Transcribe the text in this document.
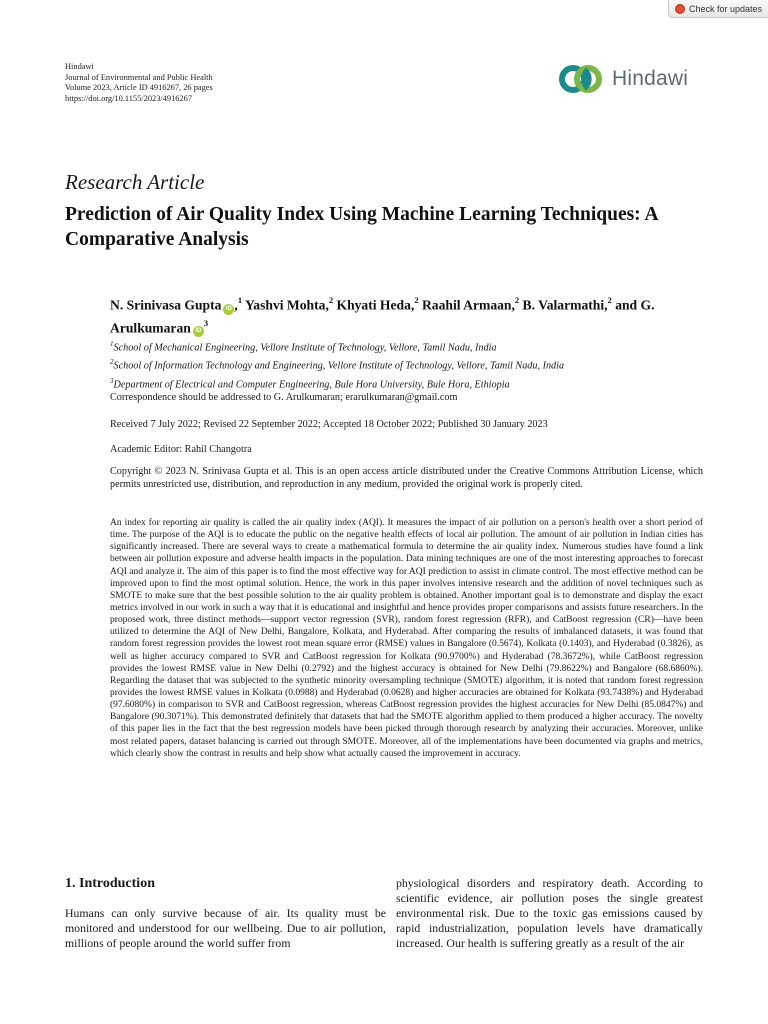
Check for updates
Hindawi
Journal of Environmental and Public Health
Volume 2023, Article ID 4916267, 26 pages
https://doi.org/10.1155/2023/4916267
Hindawi
Research Article
Prediction of Air Quality Index Using Machine Learning Techniques: A Comparative Analysis
N. Srinivasa Gupta iD ,$^1$ Yashvi Mohta,$^2$ Khyati Heda,$^2$ Raahil Armaan,$^2$ B. Valarmathi,$^2$ and G. Arulkumaran $iD^3$
$^1$School of Mechanical Engineering, Vellore Institute of Technology, Vellore, Tamil Nadu, India
$^2$School of Information Technology and Engineering, Vellore Institute of Technology, Vellore, Tamil Nadu, India
$^3$Department of Electrical and Computer Engineering, Bule Hora University, Bule Hora, Ethiopia
Correspondence should be addressed to G. Arulkumaran; erarulkumaran@gmail.com
Received 7 July 2022; Revised 22 September 2022; Accepted 18 October 2022; Published 30 January 2023
Academic Editor: Rahil Changotra
Copyright © 2023 N. Srinivasa Gupta et al. This is an open access article distributed under the Creative Commons Attribution License, which permits unrestricted use, distribution, and reproduction in any medium, provided the original work is properly cited.

An index for reporting air quality is called the air quality index (AQI). It measures the impact of air pollution on a person's health over a short period of time. The purpose of the AQI is to educate the public on the negative health effects of local air pollution. The amount of air pollution in Indian cities has significantly increased. There are several ways to create a mathematical formula to determine the air quality index. Numerous studies have found a link between air pollution exposure and adverse health impacts in the population. Data mining techniques are one of the most interesting approaches to forecast AQI and analyze it. The aim of this paper is to find the most effective way for AQI prediction to assist in climate control. The most effective method can be improved upon to find the most optimal solution. Hence, the work in this paper involves intensive research and the addition of novel techniques such as SMOTE to make sure that the best possible solution to the air quality problem is obtained. Another important goal is to demonstrate and display the exact metrics involved in our work in such a way that it is educational and insightful and hence provides proper comparisons and assists future researchers. In the proposed work, three distinct methods—support vector regression (SVR), random forest regression (RFR), and CatBoost regression (CR)—have been utilized to determine the AQI of New Delhi, Bangalore, Kolkata, and Hyderabad. After comparing the results of imbalanced datasets, it was found that random forest regression provides the lowest root mean square error (RMSE) values in Bangalore (0.5674), Kolkata (0.1403), and Hyderabad (0.3826), as well as higher accuracy compared to SVR and CatBoost regression for Kolkata (90.9700%) and Hyderabad (78.3672%), while CatBoost regression provides the lowest RMSE value in New Delhi (0.2792) and the highest accuracy is obtained for New Delhi (79.8622%) and Bangalore (68.6860%). Regarding the dataset that was subjected to the synthetic minority oversampling technique (SMOTE) algorithm, it is noted that random forest regression provides the lowest RMSE values in Kolkata (0.0988) and Hyderabad (0.0628) and higher accuracies are obtained for Kolkata (93.7438%) and Hyderabad (97.6080%) in comparison to SVR and CatBoost regression, whereas CatBoost regression provides the highest accuracies for New Delhi (85.0847%) and Bangalore (90.3071%). This demonstrated definitely that datasets that had the SMOTE algorithm applied to them produced a higher accuracy. The novelty of this paper lies in the fact that the best regression models have been picked through thorough research by analyzing their accuracies. Moreover, unlike most related papers, dataset balancing is carried out through SMOTE. Moreover, all of the implementations have been documented via graphs and metrics, which clearly show the contrast in results and help show what actually caused the improvement in accuracy.

1. Introduction

Humans can only survive because of air. Its quality must be monitored and understood for our wellbeing. Due to air pollution, millions of people around the world suffer from

physiological disorders and respiratory death. According to scientific evidence, air pollution poses the single greatest environmental risk. Due to the toxic gas emissions caused by rapid industrialization, population levels have dramatically increased. Our health is suffering greatly as a result of the air
